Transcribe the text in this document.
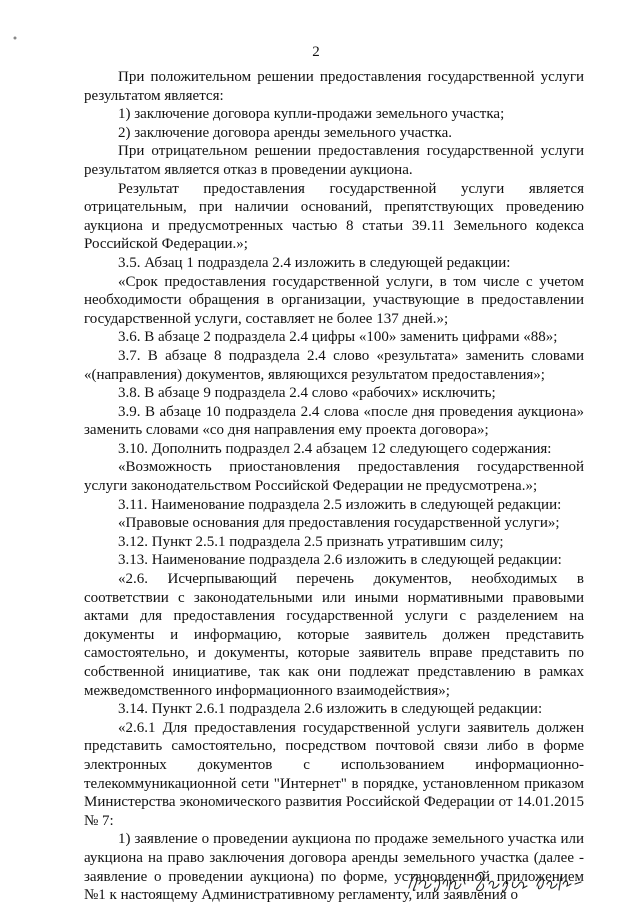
2

При положительном решении предоставления государственной услуги результатом является:

1) заключение договора купли-продажи земельного участка;

2) заключение договора аренды земельного участка.

При отрицательном решении предоставления государственной услуги результатом является отказ в проведении аукциона.

Результат предоставления государственной услуги является отрицательным, при наличии оснований, препятствующих проведению аукциона и предусмотренных частью 8 статьи 39.11 Земельного кодекса Российской Федерации.»;

3.5. Абзац 1 подраздела 2.4 изложить в следующей редакции:

«Срок предоставления государственной услуги, в том числе с учетом необходимости обращения в организации, участвующие в предоставлении государственной услуги, составляет не более 137 дней.»;

3.6. В абзаце 2 подраздела 2.4 цифры «100» заменить цифрами «88»;

3.7. В абзаце 8 подраздела 2.4 слово «результата» заменить словами «(направления) документов, являющихся результатом предоставления»;

3.8. В абзаце 9 подраздела 2.4 слово «рабочих» исключить;

3.9. В абзаце 10 подраздела 2.4 слова «после дня проведения аукциона» заменить словами «со дня направления ему проекта договора»;

3.10. Дополнить подраздел 2.4 абзацем 12 следующего содержания:

«Возможность приостановления предоставления государственной услуги законодательством Российской Федерации не предусмотрена.»;

3.11. Наименование подраздела 2.5 изложить в следующей редакции:

«Правовые основания для предоставления государственной услуги»;

3.12. Пункт 2.5.1 подраздела 2.5 признать утратившим силу;

3.13. Наименование подраздела 2.6 изложить в следующей редакции:

«2.6. Исчерпывающий перечень документов, необходимых в соответствии с законодательными или иными нормативными правовыми актами для предоставления государственной услуги с разделением на документы и информацию, которые заявитель должен представить самостоятельно, и документы, которые заявитель вправе представить по собственной инициативе, так как они подлежат представлению в рамках межведомственного информационного взаимодействия»;

3.14. Пункт 2.6.1 подраздела 2.6 изложить в следующей редакции:

«2.6.1 Для предоставления государственной услуги заявитель должен представить самостоятельно, посредством почтовой связи либо в форме электронных документов с использованием информационно-телекоммуникационной сети "Интернет" в порядке, установленном приказом Министерства экономического развития Российской Федерации от 14.01.2015 № 7:

1) заявление о проведении аукциона по продаже земельного участка или аукциона на право заключения договора аренды земельного участка (далее - заявление о проведении аукциона) по форме, установленной приложением №1 к настоящему Административному регламенту, или заявления о
